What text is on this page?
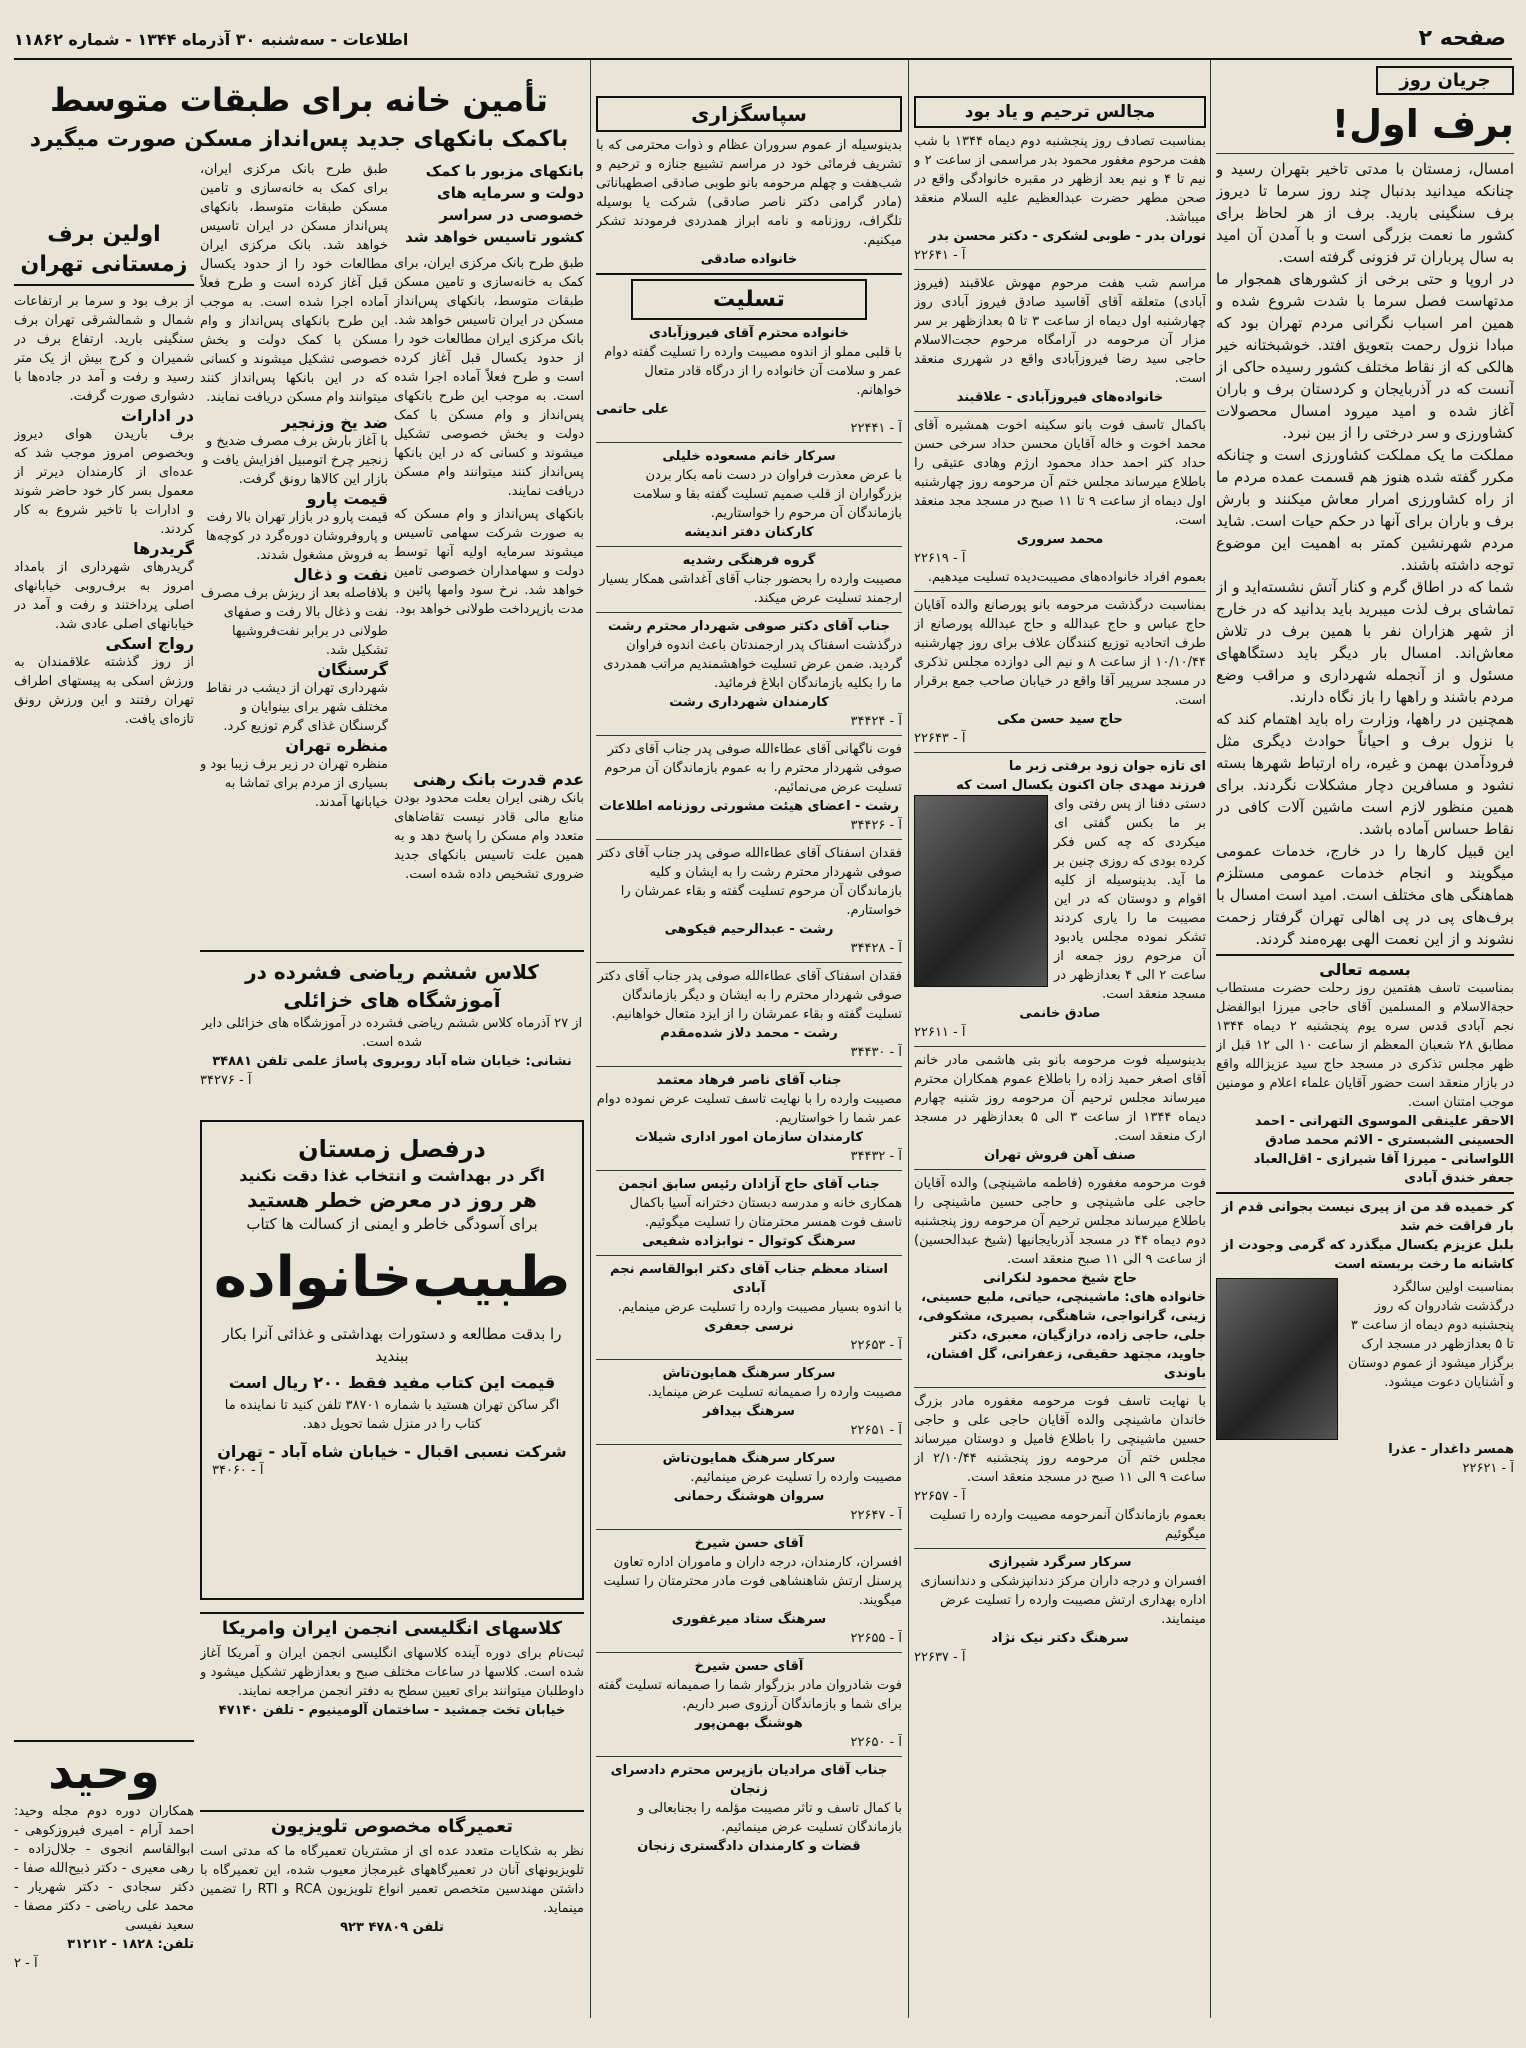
صفحه ۲
اطلاعات - سه‌شنبه ۳۰ آذرماه ۱۳۴۴ - شماره ۱۱۸۶۲
جریان روز
برف اول!

امسال، زمستان با مدتی تاخیر بتهران رسید و چنانکه میدانید بدنبال چند روز سرما تا دیروز برف سنگینی بارید. برف از هر لحاظ برای کشور ما نعمت بزرگی است و با آمدن آن امید به سال پرباران تر فزونی گرفته است.

در اروپا و حتی برخی از کشورهای همجوار ما مدتهاست فصل سرما با شدت شروع شده و همین امر اسباب نگرانی مردم تهران بود که مبادا نزول رحمت بتعویق افتد. خوشبختانه خیر هالکی که از نقاط مختلف کشور رسیده حاکی از آنست که در آذربایجان و کردستان برف و باران آغاز شده و امید میرود امسال محصولات کشاورزی و سر درختی را از بین نبرد.

مملکت ما یک مملکت کشاورزی است و چنانکه مکرر گفته شده هنوز هم قسمت عمده مردم ما از راه کشاورزی امرار معاش میکنند و بارش برف و باران برای آنها در حکم حیات است. شاید مردم شهرنشین کمتر به اهمیت این موضوع توجه داشته باشند.

شما که در اطاق گرم و کنار آتش نشسته‌اید و از تماشای برف لذت میبرید باید بدانید که در خارج از شهر هزاران نفر با همین برف در تلاش معاش‌اند. امسال بار دیگر باید دستگاههای مسئول و از آنجمله شهرداری و مراقب وضع مردم باشند و راهها را باز نگاه دارند.

همچنین در راهها، وزارت راه باید اهتمام کند که با نزول برف و احیاناً حوادث دیگری مثل فرودآمدن بهمن و غیره، راه ارتباط شهرها بسته نشود و مسافرین دچار مشکلات نگردند. برای همین منظور لازم است ماشین آلات کافی در نقاط حساس آماده باشد.

این قبیل کارها را در خارج، خدمات عمومی میگویند و انجام خدمات عمومی مستلزم هماهنگی های مختلف است. امید است امسال با برف‌های پی در پی اهالی تهران گرفتار زحمت نشوند و از این نعمت الهی بهره‌مند گردند.

بسمه تعالی

بمناسبت تاسف هفتمین روز رحلت حضرت مستطاب حجة‌الاسلام و المسلمین آقای حاجی میرزا ابوالفضل نجم آبادی قدس سره یوم پنجشنبه ۲ دیماه ۱۳۴۴ مطابق ۲۸ شعبان المعظم از ساعت ۱۰ الی ۱۲ قبل از ظهر مجلس تذکری در مسجد حاج سید عزیزالله واقع در بازار منعقد است حضور آقایان علماء اعلام و مومنین موجب امتنان است.

الاحقر علینقی الموسوی التهرانی - احمد الحسینی الشبستری - الاثم محمد صادق اللواسانی - میرزا آقا شیرازی - اقل‌العباد جعفر خندق آبادی

کر خمیده قد من از پیری نیست بجوانی قدم از بار فراقت خم شد
بلبل عزیزم یکسال میگذرد که گرمی وجودت از کاشانه ما رخت بربسته است

بمناسبت اولین سالگرد درگذشت شادروان که روز پنجشنبه دوم دیماه از ساعت ۳ تا ۵ بعدازظهر در مسجد ارک برگزار میشود از عموم دوستان و آشنایان دعوت میشود.

همسر داغدار - عذرا
آ - ۲۲۶۲۱
مجالس ترحیم و یاد بود

بمناسبت تصادف روز پنجشنبه دوم دیماه ۱۳۴۴ با شب هفت مرحوم مغفور محمود بدر مراسمی از ساعت ۲ و نیم تا ۴ و نیم بعد ازظهر در مقبره خانوادگی واقع در صحن مطهر حضرت عبدالعظیم علیه السلام منعقد میباشد.

توران بدر - طوبی لشکری - دکتر محسن بدر
آ - ۲۲۶۴۱

مراسم شب هفت مرحوم مهوش علاقبند (فیروز آبادی) متعلقه آقای آقاسید صادق فیروز آبادی روز چهارشنبه اول دیماه از ساعت ۳ تا ۵ بعدازظهر بر سر مزار آن مرحومه در آرامگاه مرحوم حجت‌الاسلام حاجی سید رضا فیروزآبادی واقع در شهرری منعقد است.

خانواده‌های فیروزآبادی - علاقبند

باکمال تاسف فوت بانو سکینه اخوت همشیره آقای محمد اخوت و خاله آقایان محسن حداد سرخی حسن حداد کتر احمد حداد محمود ارژم وهادی عتیقی را باطلاع میرساند مجلس ختم آن مرحومه روز چهارشنبه اول دیماه از ساعت ۹ تا ۱۱ صبح در مسجد مجد منعقد است.

محمد سروری
آ - ۲۲۶۱۹

بعموم افراد خانواده‌های مصیبت‌دیده تسلیت میدهیم.

بمناسبت درگذشت مرحومه بانو پورصانع والده آقایان حاج عباس و حاج عبدالله و حاج عبدالله پورصانع از طرف اتحادیه توزیع کنندگان علاف برای روز چهارشنبه ۱۰/۱۰/۴۴ از ساعت ۸ و نیم الی دوازده مجلس تذکری در مسجد سرپیر آقا واقع در خیابان صاحب جمع برقرار است.

حاج سید حسن مکی
آ - ۲۲۶۴۳

ای تازه جوان زود برفتی زبر ما
فرزند مهدی جان اکنون یکسال است که

دستی دفنا از پس رفتی وای بر ما بکس گفتی ای میکردی که چه کس فکر کرده بودی که روزی چنین بر ما آید. بدینوسیله از کلیه اقوام و دوستان که در این مصیبت ما را یاری کردند تشکر نموده مجلس یادبود آن مرحوم روز جمعه از ساعت ۲ الی ۴ بعدازظهر در مسجد منعقد است.

صادق خانمی
آ - ۲۲۶۱۱

بدینوسیله فوت مرحومه بانو بتی هاشمی مادر خانم آقای اصغر حمید زاده را باطلاع عموم همکاران محترم میرساند مجلس ترحیم آن مرحومه روز شنبه چهارم دیماه ۱۳۴۴ از ساعت ۳ الی ۵ بعدازظهر در مسجد ارک منعقد است.

صنف آهن فروش تهران

فوت مرحومه مغفوره (فاطمه ماشینچی) والده آقایان حاجی علی ماشینچی و حاجی حسین ماشینچی را باطلاع میرساند مجلس ترحیم آن مرحومه روز پنجشنبه دوم دیماه ۴۴ در مسجد آذربایجانیها (شیخ عبدالحسین) از ساعت ۹ الی ۱۱ صبح منعقد است.

حاج شیخ محمود لنکرانی

خانواده های: ماشینچی، حیاتی، ملبع حسینی، زینی، گرانواجی، شاهنگی، بصیری، مشکوفی، جلی، حاجی زاده، درازگیان، معبری، دکتر جاوید، مجتهد حقیقی، زعفرانی، گل افشان، باوندی

با نهایت تاسف فوت مرحومه مغفوره مادر بزرگ خاندان ماشینچی والده آقایان حاجی علی و حاجی حسین ماشینچی را باطلاع فامیل و دوستان میرساند مجلس ختم آن مرحومه روز پنجشنبه ۲/۱۰/۴۴ از ساعت ۹ الی ۱۱ صبح در مسجد منعقد است.

آ - ۲۲۶۵۷

بعموم بازماندگان آنمرحومه مصیبت وارده را تسلیت میگوئیم

سرکار سرگرد شیرازی

افسران و درجه داران مرکز دندانپزشکی و دندانسازی اداره بهداری ارتش مصیبت وارده را تسلیت عرض مینمایند.

سرهنگ دکتر نیک نژاد
آ - ۲۲۶۳۷
سپاسگزاری

بدینوسیله از عموم سروران عظام و ذوات محترمی که با تشریف فرمائی خود در مراسم تشییع جنازه و ترحیم و شب‌هفت و چهلم مرحومه بانو طوبی صادقی اصطهباناتی (مادر گرامی دکتر ناصر صادقی) شرکت یا بوسیله تلگراف، روزنامه و نامه ابراز همدردی فرمودند تشکر میکنیم.

خانواده صادقی
تسلیت
خانواده محترم آقای فیروزآبادی

با قلبی مملو از اندوه مصیبت وارده را تسلیت گفته دوام عمر و سلامت آن خانواده را از درگاه قادر متعال خواهانم.

علی حاتمی
آ - ۲۲۴۴۱
سرکار خانم مسعوده خلیلی

با عرض معذرت فراوان در دست نامه بکار بردن بزرگواران از قلب صمیم تسلیت گفته بقا و سلامت بازماندگان آن مرحوم را خواستاریم.

کارکنان دفتر اندیشه
گروه فرهنگی رشدیه

مصیبت وارده را بحضور جناب آقای آغداشی همکار بسیار ارجمند تسلیت عرض میکند.

جناب آقای دکتر صوفی شهردار محترم رشت

درگذشت اسفناک پدر ارجمندتان باعث اندوه فراوان گردید. ضمن عرض تسلیت خواهشمندیم مراتب همدردی ما را بکلیه بازماندگان ابلاغ فرمائید.

کارمندان شهرداری رشت
آ - ۳۴۴۲۴

فوت ناگهانی آقای عطاءالله صوفی پدر جناب آقای دکتر صوفی شهردار محترم را به عموم بازماندگان آن مرحوم تسلیت عرض می‌نمائیم.

رشت - اعضای هیئت مشورتی روزنامه اطلاعات
آ - ۳۴۴۲۶

فقدان اسفناک آقای عطاءالله صوفی پدر جناب آقای دکتر صوفی شهردار محترم رشت را به ایشان و کلیه بازماندگان آن مرحوم تسلیت گفته و بقاء عمرشان را خواستارم.

رشت - عبدالرحیم فیکوهی
آ - ۳۴۴۲۸

فقدان اسفناک آقای عطاءالله صوفی پدر جناب آقای دکتر صوفی شهردار محترم را به ایشان و دیگر بازماندگان تسلیت گفته و بقاء عمرشان را از ایزد متعال خواهانیم.

رشت - محمد دلاز شده‌مقدم
آ - ۳۴۴۳۰
جناب آقای ناصر فرهاد معتمد

مصیبت وارده را با نهایت تاسف تسلیت عرض نموده دوام عمر شما را خواستاریم.

کارمندان سازمان امور اداری شیلات
آ - ۳۴۴۳۲
جناب آقای حاج آزادان رئیس سابق انجمن

همکاری خانه و مدرسه دبستان دخترانه آسیا باکمال تاسف فوت همسر محترمتان را تسلیت میگوئیم.

سرهنگ کوتوال - نوابزاده شفیعی
استاد معظم جناب آقای دکتر ابوالقاسم نجم آبادی

با اندوه بسیار مصیبت وارده را تسلیت عرض مینمایم.

نرسی جعفری
آ - ۲۲۶۵۳
سرکار سرهنگ همایون‌تاش

مصیبت وارده را صمیمانه تسلیت عرض مینماید.

سرهنگ بیدافر
آ - ۲۲۶۵۱
سرکار سرهنگ همایون‌تاش

مصیبت وارده را تسلیت عرض مینمائیم.

سروان هوشنگ رحمانی
آ - ۲۲۶۴۷
آقای حسن شیرخ

افسران، کارمندان، درجه داران و ماموران اداره تعاون پرسنل ارتش شاهنشاهی فوت مادر محترمتان را تسلیت میگویند.

سرهنگ ستاد میرغفوری
آ - ۲۲۶۵۵
آقای حسن شیرخ

فوت شادروان مادر بزرگوار شما را صمیمانه تسلیت گفته برای شما و بازماندگان آرزوی صبر داریم.

هوشنگ بهمن‌پور
آ - ۲۲۶۵۰
جناب آقای مرادیان بازپرس محترم دادسرای زنجان

با کمال تاسف و تاثر مصیبت مؤلمه را بجنابعالی و بازماندگان تسلیت عرض مینمائیم.

قضات و کارمندان دادگستری زنجان
تأمین خانه برای طبقات متوسط
باکمک بانکهای جدید پس‌انداز مسکن صورت میگیرد

بانکهای مزبور با کمک دولت و سرمایه های خصوصی در سراسر کشور تاسیس خواهد شد

طبق طرح بانک مرکزی ایران، برای کمک به خانه‌سازی و تامین مسکن طبقات متوسط، بانکهای پس‌انداز مسکن در ایران تاسیس خواهد شد. بانک مرکزی ایران مطالعات خود را از حدود یکسال قبل آغاز کرده است و طرح فعلاً آماده اجرا شده است. به موجب این طرح بانکهای پس‌انداز و وام مسکن با کمک دولت و بخش خصوصی تشکیل میشوند و کسانی که در این بانکها پس‌انداز کنند میتوانند وام مسکن دریافت نمایند.

بانکهای پس‌انداز و وام مسکن که به صورت شرکت سهامی تاسیس میشوند سرمایه اولیه آنها توسط دولت و سهامداران خصوصی تامین خواهد شد. نرخ سود وامها پائین و مدت بازپرداخت طولانی خواهد بود.

طبق طرح بانک مرکزی ایران، برای کمک به خانه‌سازی و تامین مسکن طبقات متوسط، بانکهای پس‌انداز مسکن در ایران تاسیس خواهد شد. بانک مرکزی ایران مطالعات خود را از حدود یکسال قبل آغاز کرده است و طرح فعلاً آماده اجرا شده است. به موجب این طرح بانکهای پس‌انداز و وام مسکن با کمک دولت و بخش خصوصی تشکیل میشوند و کسانی که در این بانکها پس‌انداز کنند میتوانند وام مسکن دریافت نمایند.

ضد یخ وزنجیر

با آغاز بارش برف مصرف ضدیخ و زنجیر چرخ اتومبیل افزایش یافت و بازار این کالاها رونق گرفت.

قیمت پارو

قیمت پارو در بازار تهران بالا رفت و پاروفروشان دوره‌گرد در کوچه‌ها به فروش مشغول شدند.

نفت و ذغال

بلافاصله بعد از ریزش برف مصرف نفت و ذغال بالا رفت و صفهای طولانی در برابر نفت‌فروشیها تشکیل شد.

گرسنگان

شهرداری تهران از دیشب در نقاط مختلف شهر برای بینوایان و گرسنگان غذای گرم توزیع کرد.

منظره تهران

منظره تهران در زیر برف زیبا بود و بسیاری از مردم برای تماشا به خیابانها آمدند.

عدم قدرت بانک رهنی

بانک رهنی ایران بعلت محدود بودن منابع مالی قادر نیست تقاضاهای متعدد وام مسکن را پاسخ دهد و به همین علت تاسیس بانکهای جدید ضروری تشخیص داده شده است.

اولین برف زمستانی تهران

از برف بود و سرما بر ارتفاعات شمال و شمالشرقی تهران برف سنگینی بارید. ارتفاع برف در شمیران و کرج بیش از یک متر رسید و رفت و آمد در جاده‌ها با دشواری صورت گرفت.

در ادارات

برف باریدن هوای دیروز وبخصوص امروز موجب شد که عده‌ای از کارمندان دیرتر از معمول بسر کار خود حاضر شوند و ادارات با تاخیر شروع به کار کردند.

گریدرها

گریدرهای شهرداری از بامداد امروز به برف‌روبی خیابانهای اصلی پرداختند و رفت و آمد در خیابانهای اصلی عادی شد.

رواج اسکی

از روز گذشته علاقمندان به ورزش اسکی به پیستهای اطراف تهران رفتند و این ورزش رونق تازه‌ای یافت.

کلاس ششم ریاضی فشرده در آموزشگاه های خزائلی

از ۲۷ آذرماه کلاس ششم ریاضی فشرده در آموزشگاه های خزائلی دایر شده است.

نشانی: خیابان شاه آباد روبروی پاساژ علمی تلفن ۳۴۸۸۱
آ - ۳۴۲۷۶
درفصل زمستان
اگر در بهداشت و انتخاب غذا دقت نکنید
هر روز در معرض خطر هستید
برای آسودگی خاطر و ایمنی از کسالت ها کتاب
طبیب‌خانواده
را بدقت مطالعه و دستورات بهداشتی و غذائی آنرا بکار ببندید
قیمت این کتاب مفید فقط ۲۰۰ ریال است

اگر ساکن تهران هستید با شماره ۳۸۷۰۱ تلفن کنید تا نماینده ما کتاب را در منزل شما تحویل دهد.

شرکت نسبی اقبال - خیابان شاه آباد - تهران
آ - ۳۴۰۶۰
کلاسهای انگلیسی انجمن ایران وامریکا

ثبت‌نام برای دوره آینده کلاسهای انگلیسی انجمن ایران و آمریکا آغاز شده است. کلاسها در ساعات مختلف صبح و بعدازظهر تشکیل میشود و داوطلبان میتوانند برای تعیین سطح به دفتر انجمن مراجعه نمایند.

خیابان تخت جمشید - ساختمان آلومینیوم - تلفن ۴۷۱۴۰
تعمیرگاه مخصوص تلویزیون

نظر به شکایات متعدد عده ای از مشتریان تعمیرگاه ما که مدتی است تلویزیونهای آنان در تعمیرگاههای غیرمجاز معیوب شده، این تعمیرگاه با داشتن مهندسین متخصص تعمیر انواع تلویزیون RCA و RTI را تضمین مینماید.

تلفن ۴۷۸۰۹ ۹۲۳
وحید

همکاران دوره دوم مجله وحید: احمد آرام - امیری فیروزکوهی - ابوالقاسم انجوی - جلال‌زاده - رهی معیری - دکتر ذبیح‌الله صفا - دکتر سجادی - دکتر شهریار - محمد علی ریاضی - دکتر مصفا - سعید نفیسی

تلفن: ۱۸۲۸ - ۳۱۲۱۲
آ - ۲
